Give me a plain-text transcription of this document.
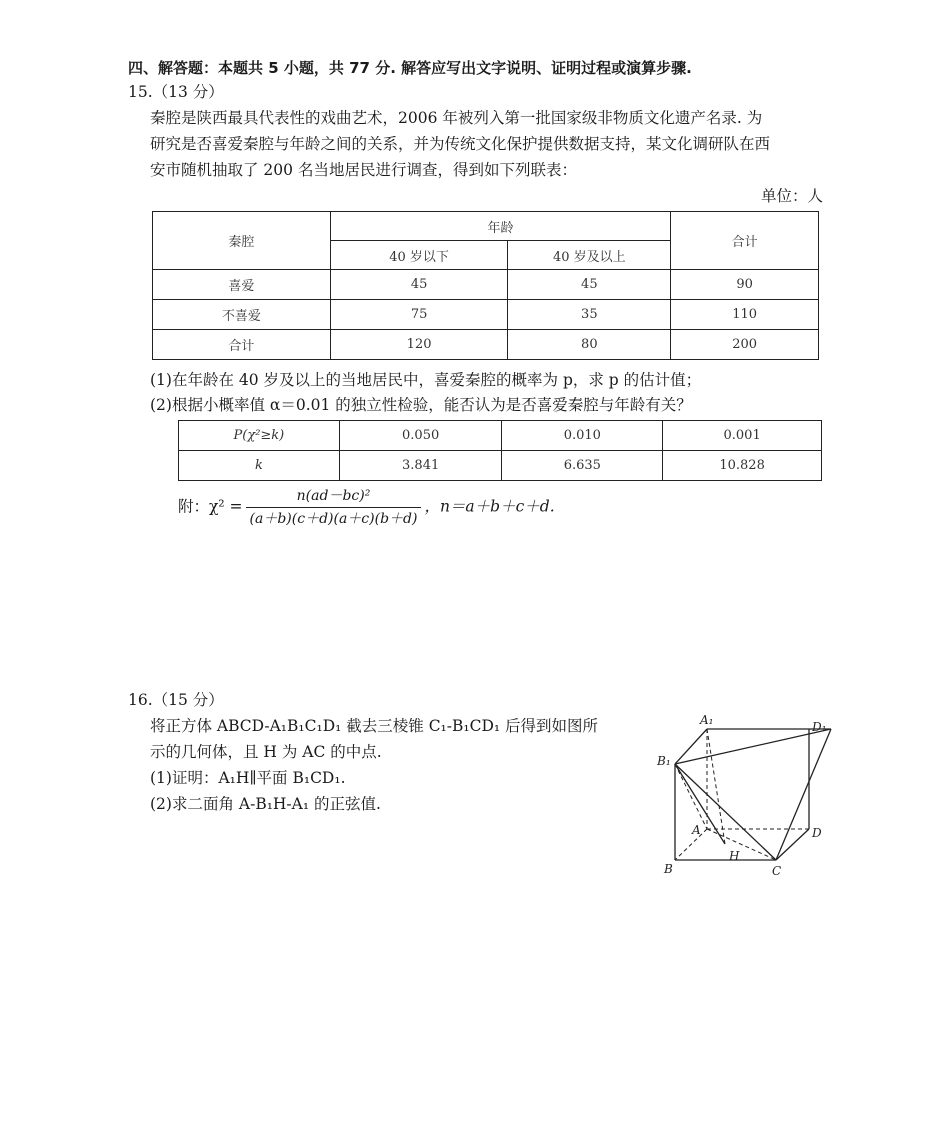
四、解答题：本题共 5 小题，共 77 分. 解答应写出文字说明、证明过程或演算步骤.
15.（13 分）
秦腔是陕西最具代表性的戏曲艺术，2006 年被列入第一批国家级非物质文化遗产名录. 为
研究是否喜爱秦腔与年龄之间的关系，并为传统文化保护提供数据支持，某文化调研队在西
安市随机抽取了 200 名当地居民进行调查，得到如下列联表：
单位：人
秦腔	年龄		合计
	40 岁以下	40 岁及以上	
喜爱	45	45	90
不喜爱	75	35	110
合计	120	80	200
(1)在年龄在 40 岁及以上的当地居民中，喜爱秦腔的概率为 p，求 p 的估计值；
(2)根据小概率值 α＝0.01 的独立性检验，能否认为是否喜爱秦腔与年龄有关？
P(χ²≥k)	0.050	0.010	0.001
k	3.841	6.635	10.828
附：$\chi^2 = \frac{\text{n(ad－bc)²}}{(a+b)(c+d)(a+c)(b+d)}$ ，n＝a＋b＋c＋d.
16.（15 分）
将正方体 ABCD-A₁B₁C₁D₁ 截去三棱锥 C₁-B₁CD₁ 后得到如图所
示的几何体，且 H 为 AC 的中点.
(1)证明：A₁H∥平面 B₁CD₁.
(2)求二面角 A-B₁H-A₁ 的正弦值.
A₁	D₁
B₁
A	D
B	C
H
